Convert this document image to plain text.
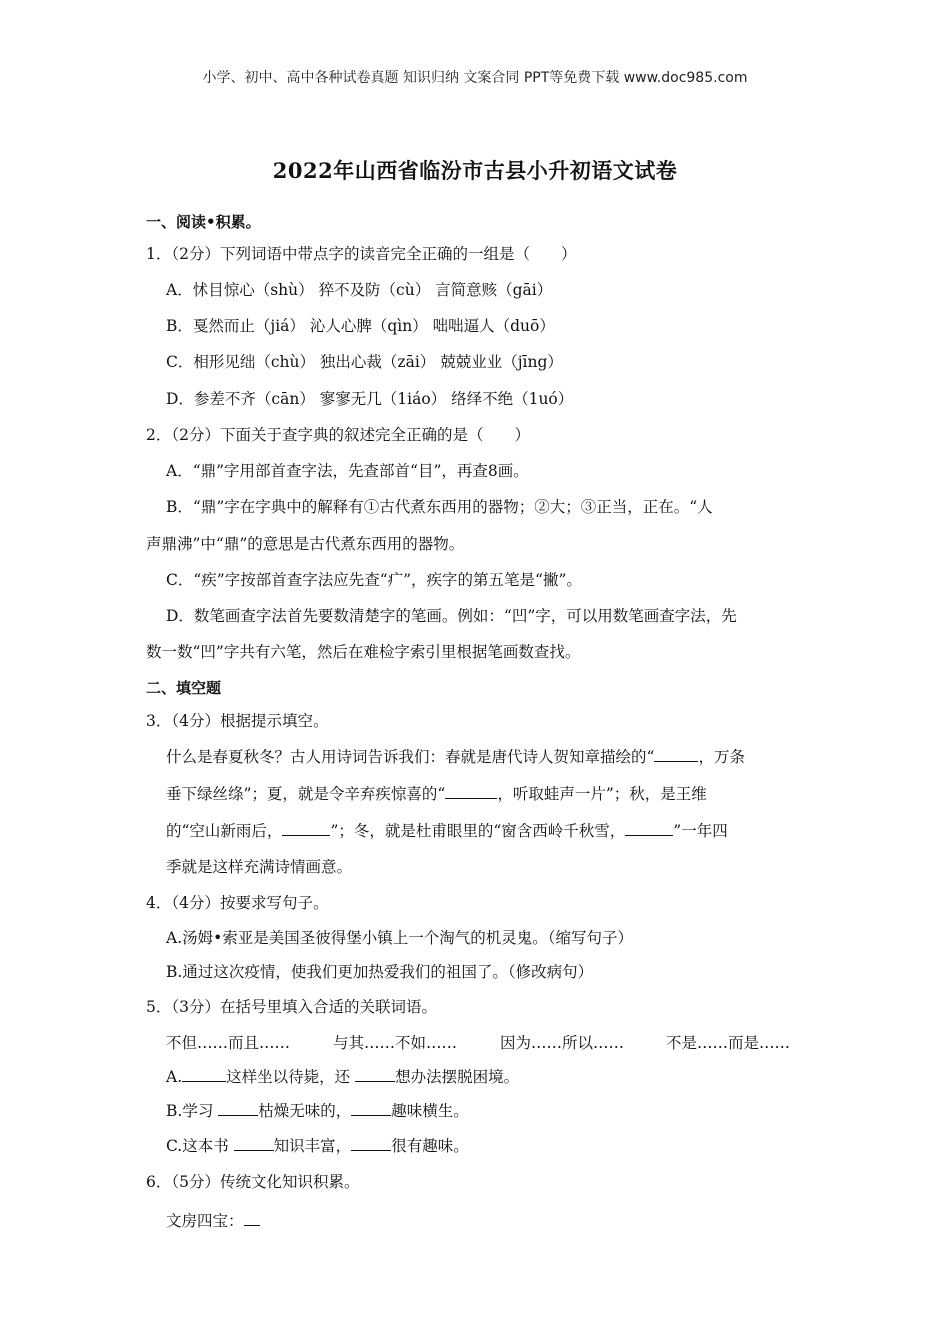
小学、初中、高中各种试卷真题 知识归纳 文案合同 PPT等免费下载 www.doc985.com
2022年山西省临汾市古县小升初语文试卷
一、阅读•积累。
1．（2分）下列词语中带点字的读音完全正确的一组是（　　）
A．怵目惊心（shù） 猝不及防（cù） 言简意赅（gāi）
B．戛然而止（jiá） 沁人心脾（qìn） 咄咄逼人（duō）
C．相形见绌（chù） 独出心裁（zāi） 兢兢业业（jīng）
D．参差不齐（cān） 寥寥无几（1iáo） 络绎不绝（1uó）
2．（2分）下面关于查字典的叙述完全正确的是（　　）
A．“鼎”字用部首查字法，先查部首“目”，再查8画。
B．“鼎”字在字典中的解释有①古代煮东西用的器物；②大；③正当，正在。“人
声鼎沸”中“鼎”的意思是古代煮东西用的器物。
C．“疾”字按部首查字法应先查“疒”，疾字的第五笔是“撇”。
D．数笔画查字法首先要数清楚字的笔画。例如：“凹”字，可以用数笔画查字法，先
数一数“凹”字共有六笔，然后在难检字索引里根据笔画数查找。
二、填空题
3．（4分）根据提示填空。
什么是春夏秋冬？古人用诗词告诉我们：春就是唐代诗人贺知章描绘的“	，万条
垂下绿丝绦”；夏，就是令辛弃疾惊喜的“	，听取蛙声一片”；秋，是王维
的“空山新雨后，	”；冬，就是杜甫眼里的“窗含西岭千秋雪，	”一年四
季就是这样充满诗情画意。
4．（4分）按要求写句子。
A.汤姆•索亚是美国圣彼得堡小镇上一个淘气的机灵鬼。（缩写句子）
B.通过这次疫情，使我们更加热爱我们的祖国了。（修改病句）
5．（3分）在括号里填入合适的关联词语。
不但……而且……	与其……不如……	因为……所以……	不是……而是……
A.	这样坐以待毙，还	想办法摆脱困境。
B.学习	枯燥无味的，	趣味横生。
C.这本书	知识丰富，	很有趣味。
6．（5分）传统文化知识积累。
文房四宝：
